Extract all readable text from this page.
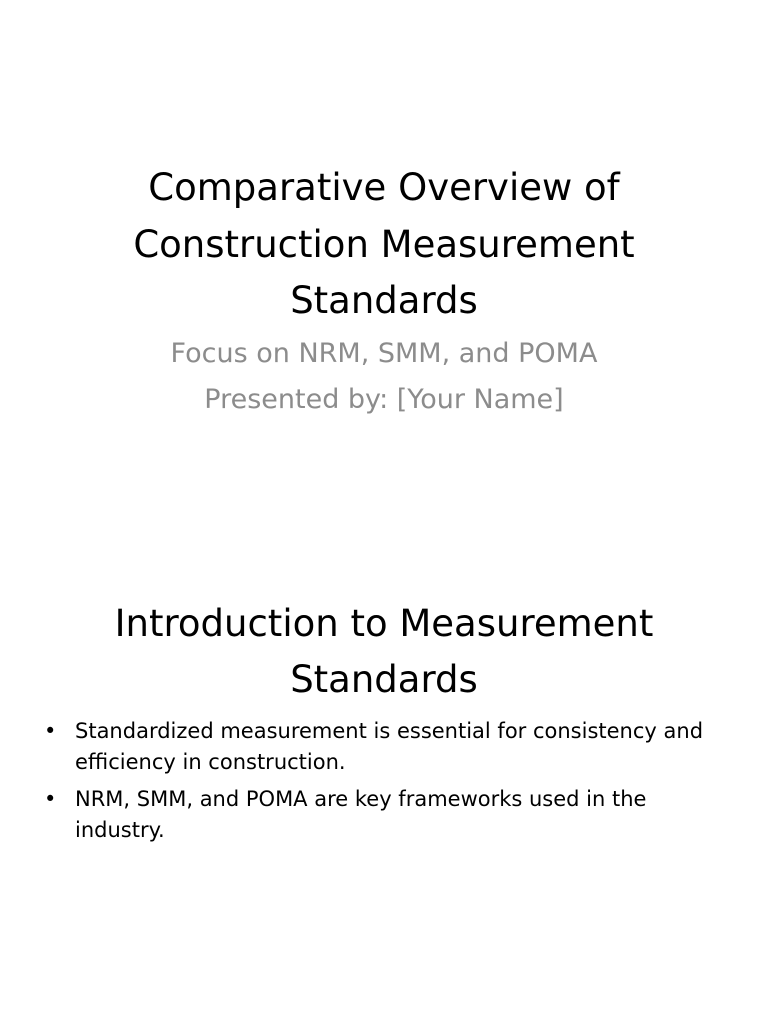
Comparative Overview of
Construction Measurement
Standards
Focus on NRM, SMM, and POMA
Presented by: [Your Name]
Introduction to Measurement
Standards
• Standardized measurement is essential for consistency and
efficiency in construction.
• NRM, SMM, and POMA are key frameworks used in the
industry.
